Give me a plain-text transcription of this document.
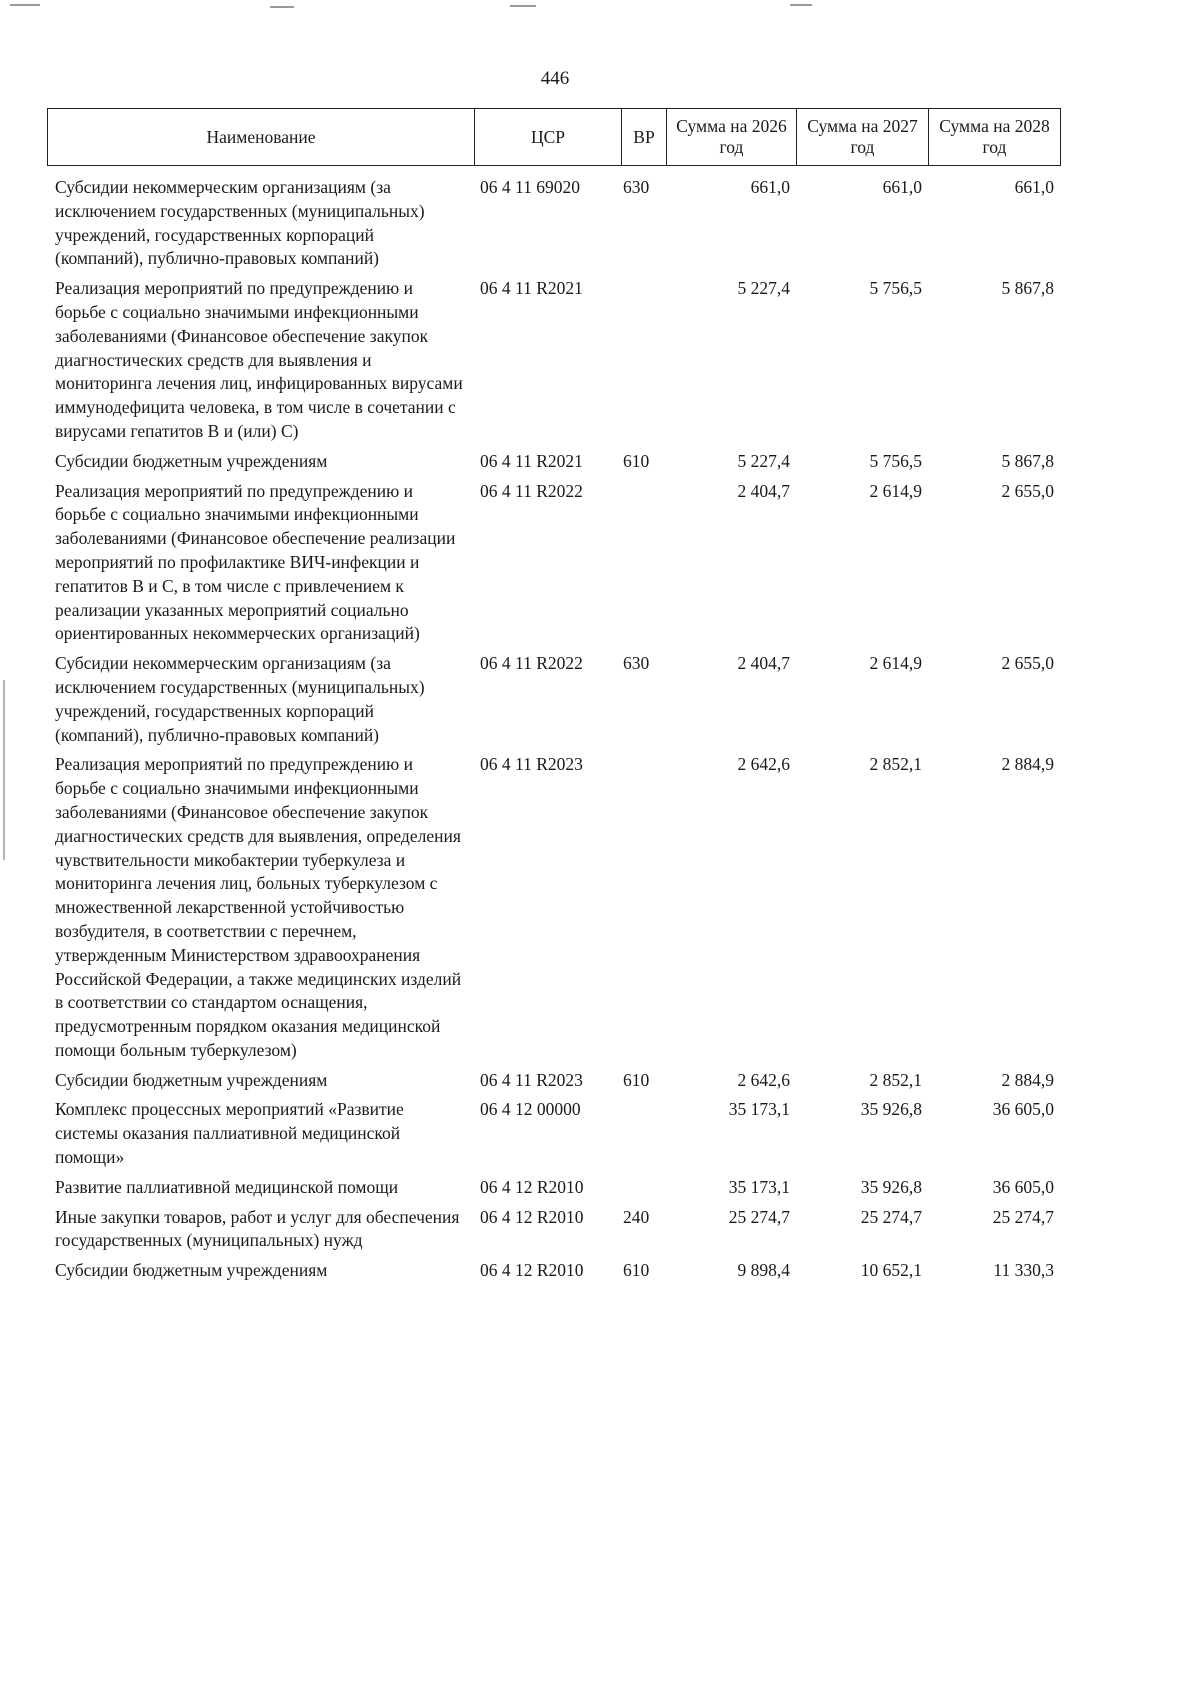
446
Наименование	ЦСР	ВР	Сумма на 2026 год	Сумма на 2027 год	Сумма на 2028 год
Субсидии некоммерческим организациям (за исключением государственных (муниципальных) учреждений, государственных корпораций (компаний), публично-правовых компаний)	06 4 11 69020	630	661,0	661,0	661,0
Реализация мероприятий по предупреждению и борьбе с социально значимыми инфекционными заболеваниями (Финансовое обеспечение закупок диагностических средств для выявления и мониторинга лечения лиц, инфицированных вирусами иммунодефицита человека, в том числе в сочетании с вирусами гепатитов В и (или) С)	06 4 11 R2021		5 227,4	5 756,5	5 867,8
Субсидии бюджетным учреждениям	06 4 11 R2021	610	5 227,4	5 756,5	5 867,8
Реализация мероприятий по предупреждению и борьбе с социально значимыми инфекционными заболеваниями (Финансовое обеспечение реализации мероприятий по профилактике ВИЧ-инфекции и гепатитов В и С, в том числе с привлечением к реализации указанных мероприятий социально ориентированных некоммерческих организаций)	06 4 11 R2022		2 404,7	2 614,9	2 655,0
Субсидии некоммерческим организациям (за исключением государственных (муниципальных) учреждений, государственных корпораций (компаний), публично-правовых компаний)	06 4 11 R2022	630	2 404,7	2 614,9	2 655,0
Реализация мероприятий по предупреждению и борьбе с социально значимыми инфекционными заболеваниями (Финансовое обеспечение закупок диагностических средств для выявления, определения чувствительности микобактерии туберкулеза и мониторинга лечения лиц, больных туберкулезом с множественной лекарственной устойчивостью возбудителя, в соответствии с перечнем, утвержденным Министерством здравоохранения Российской Федерации, а также медицинских изделий в соответствии со стандартом оснащения, предусмотренным порядком оказания медицинской помощи больным туберкулезом)	06 4 11 R2023		2 642,6	2 852,1	2 884,9
Субсидии бюджетным учреждениям	06 4 11 R2023	610	2 642,6	2 852,1	2 884,9
Комплекс процессных мероприятий «Развитие системы оказания паллиативной медицинской помощи»	06 4 12 00000		35 173,1	35 926,8	36 605,0
Развитие паллиативной медицинской помощи	06 4 12 R2010		35 173,1	35 926,8	36 605,0
Иные закупки товаров, работ и услуг для обеспечения государственных (муниципальных) нужд	06 4 12 R2010	240	25 274,7	25 274,7	25 274,7
Субсидии бюджетным учреждениям	06 4 12 R2010	610	9 898,4	10 652,1	11 330,3
